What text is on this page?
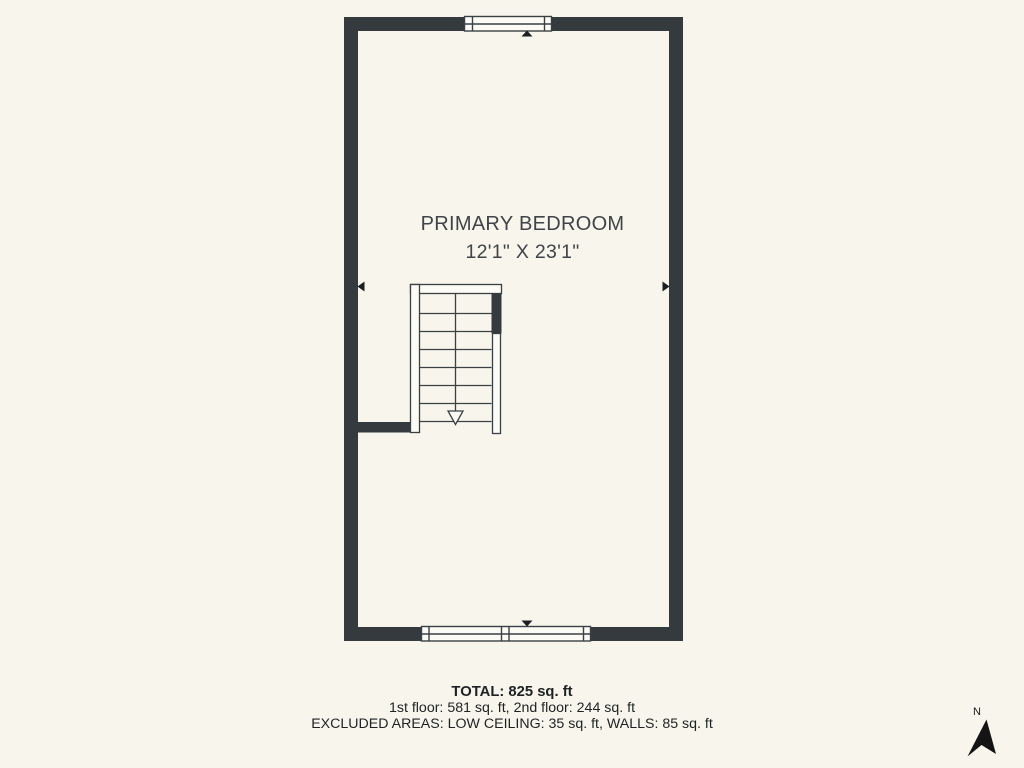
PRIMARY BEDROOM
12'1" X 23'1"
TOTAL: 825 sq. ft
1st floor: 581 sq. ft, 2nd floor: 244 sq. ft
EXCLUDED AREAS: LOW CEILING: 35 sq. ft, WALLS: 85 sq. ft
N
